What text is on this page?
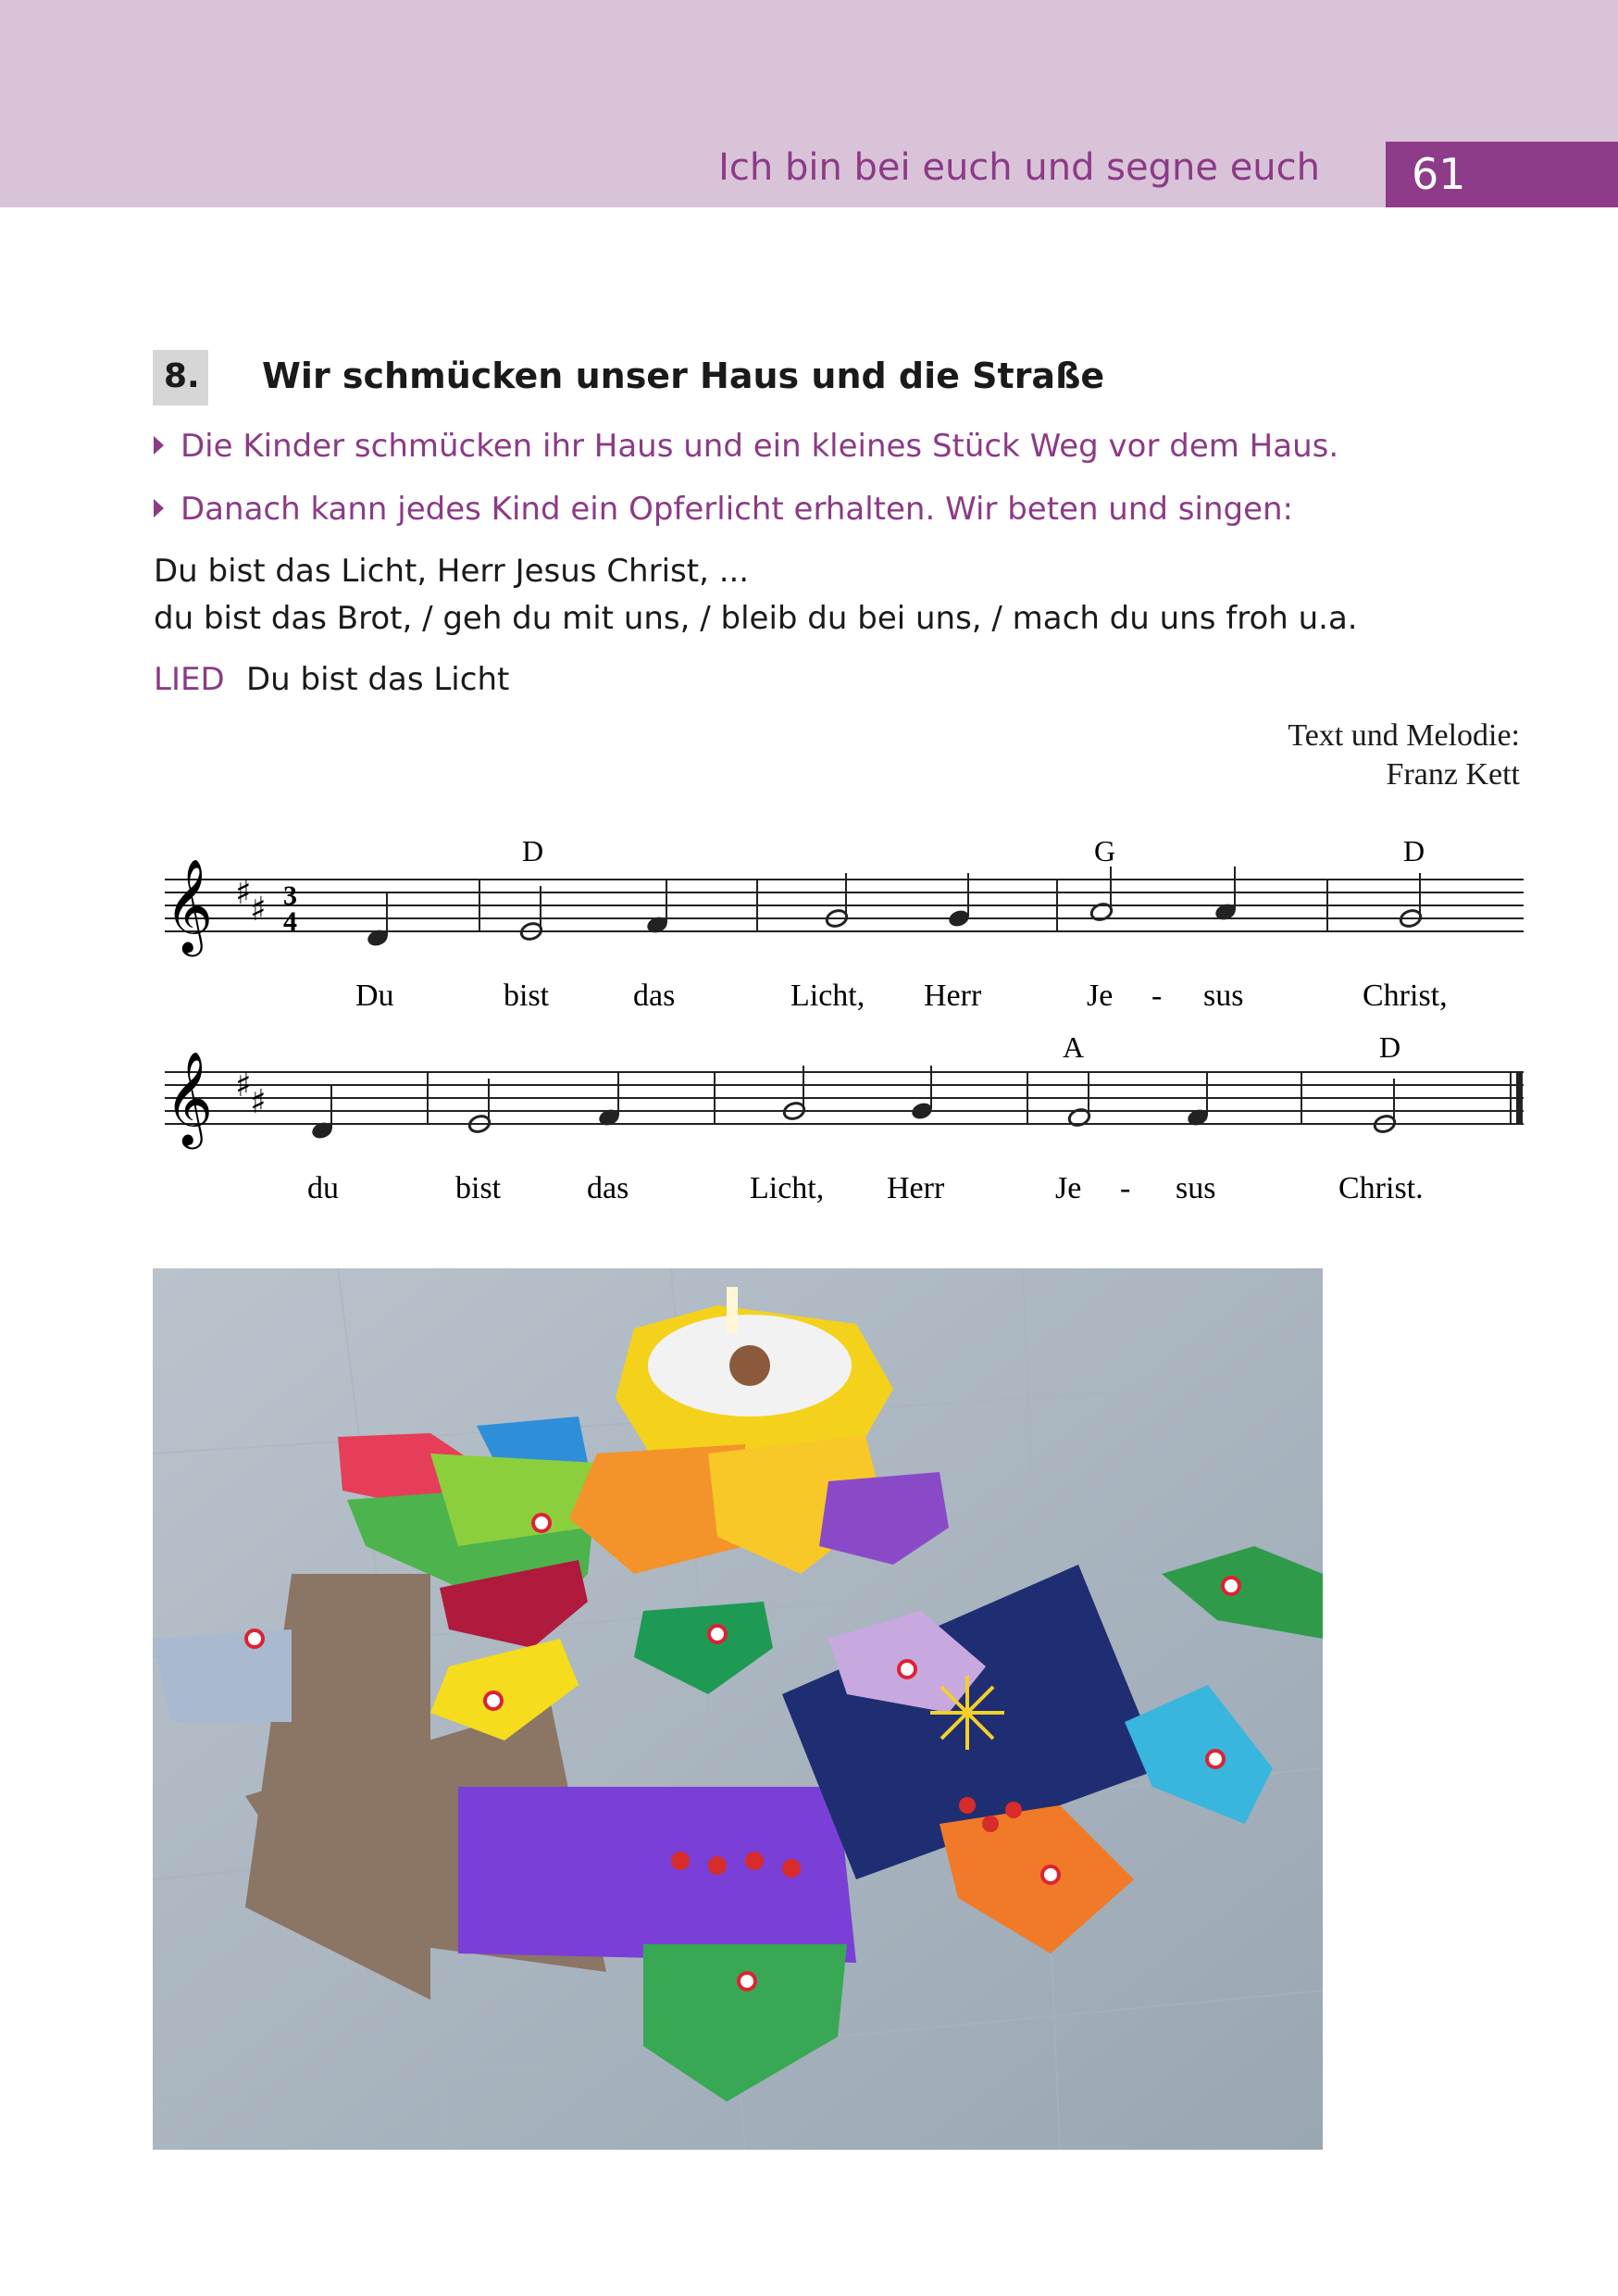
Ich bin bei euch und segne euch 61
8. Wir schmücken unser Haus und die Straße
Die Kinder schmücken ihr Haus und ein kleines Stück Weg vor dem Haus.
Danach kann jedes Kind ein Opferlicht erhalten. Wir beten und singen:
Du bist das Licht, Herr Jesus Christ, ...
du bist das Brot, / geh du mit uns, / bleib du bei uns, / mach du uns froh u.a.
LIED Du bist das Licht
Text und Melodie:
Franz Kett
𝄞 ♯
♯ 3
4
D	G	D
Du	bist	das	Licht, Herr	Je - sus	Christ,
𝄞 ♯
♯
A	D
du	bist	das	Licht, Herr	Je - sus	Christ.
